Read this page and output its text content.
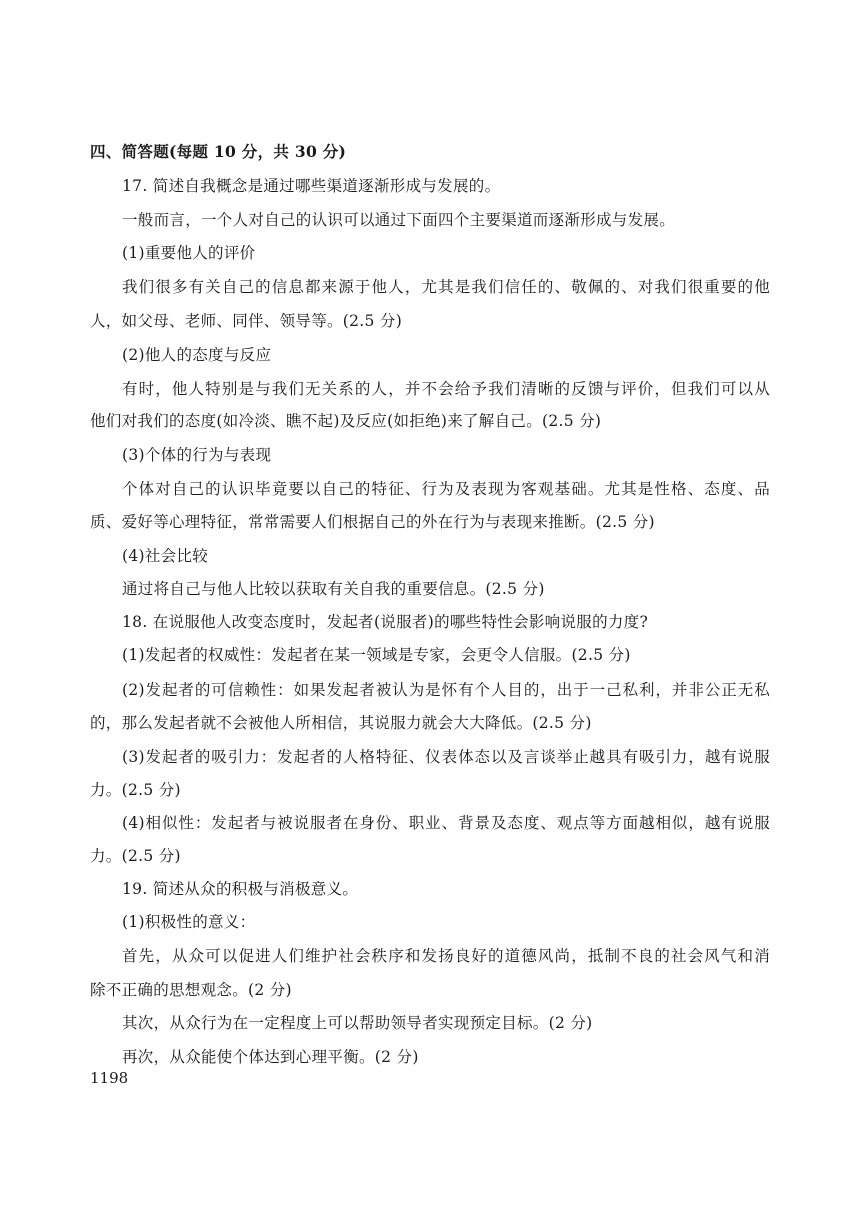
四、简答题(每题 10 分，共 30 分)
17. 简述自我概念是通过哪些渠道逐渐形成与发展的。
一般而言，一个人对自己的认识可以通过下面四个主要渠道而逐渐形成与发展。
(1)重要他人的评价
我们很多有关自己的信息都来源于他人，尤其是我们信任的、敬佩的、对我们很重要的他
人，如父母、老师、同伴、领导等。(2.5 分)
(2)他人的态度与反应
有时，他人特别是与我们无关系的人，并不会给予我们清晰的反馈与评价，但我们可以从
他们对我们的态度(如冷淡、瞧不起)及反应(如拒绝)来了解自己。(2.5 分)
(3)个体的行为与表现
个体对自己的认识毕竟要以自己的特征、行为及表现为客观基础。尤其是性格、态度、品
质、爱好等心理特征，常常需要人们根据自己的外在行为与表现来推断。(2.5 分)
(4)社会比较
通过将自己与他人比较以获取有关自我的重要信息。(2.5 分)
18. 在说服他人改变态度时，发起者(说服者)的哪些特性会影响说服的力度?
(1)发起者的权威性：发起者在某一领域是专家，会更令人信服。(2.5 分)
(2)发起者的可信赖性：如果发起者被认为是怀有个人目的，出于一己私利，并非公正无私
的，那么发起者就不会被他人所相信，其说服力就会大大降低。(2.5 分)
(3)发起者的吸引力：发起者的人格特征、仪表体态以及言谈举止越具有吸引力，越有说服
力。(2.5 分)
(4)相似性：发起者与被说服者在身份、职业、背景及态度、观点等方面越相似，越有说服
力。(2.5 分)
19. 简述从众的积极与消极意义。
(1)积极性的意义：
首先，从众可以促进人们维护社会秩序和发扬良好的道德风尚，抵制不良的社会风气和消
除不正确的思想观念。(2 分)
其次，从众行为在一定程度上可以帮助领导者实现预定目标。(2 分)
再次，从众能使个体达到心理平衡。(2 分)
1198
